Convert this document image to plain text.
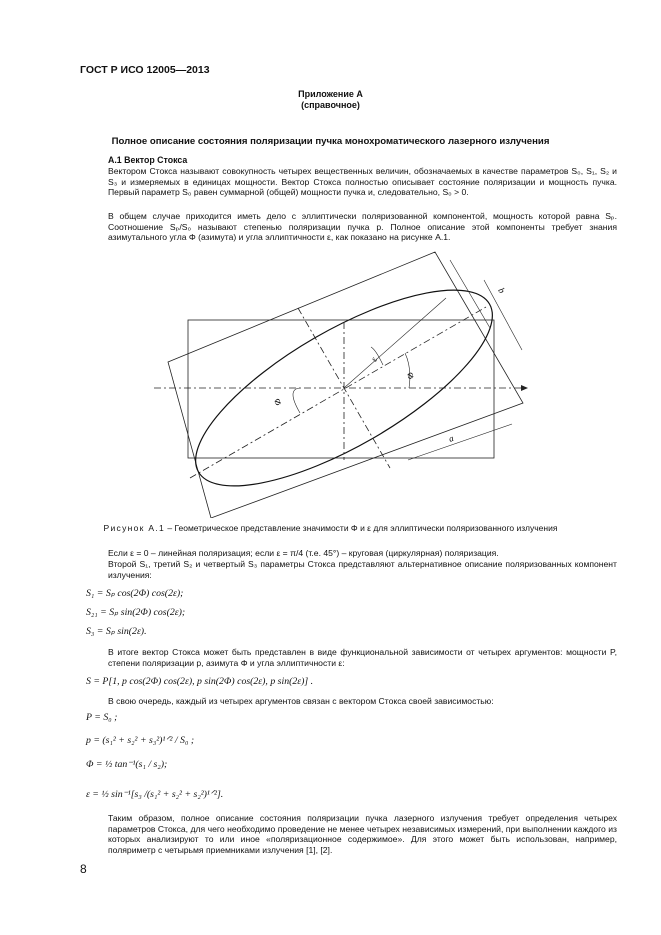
ГОСТ Р ИСО 12005—2013
Приложение А
(справочное)
Полное описание состояния поляризации пучка монохроматического лазерного излучения
А.1 Вектор Стокса
Вектором Стокса называют совокупность четырех вещественных величин, обозначаемых в качестве параметров S₀, S₁, S₂ и S₃ и измеряемых в единицах мощности. Вектор Стокса полностью описывает состояние поляризации и мощность пучка. Первый параметр S₀ равен суммарной (общей) мощности пучка и, следовательно, S₀ > 0.
В общем случае приходится иметь дело с эллиптически поляризованной компонентой, мощность которой равна Sₚ. Соотношение Sₚ/S₀ называют степенью поляризации пучка p. Полное описание этой компоненты требует знания азимутального угла Φ (азимута) и угла эллиптичности ε, как показано на рисунке А.1.
b
a
Φ
Φ
ε
Рисунок А.1 – Геометрическое представление значимости Φ и ε для эллиптически поляризованного излучения
Если ε = 0 – линейная поляризация; если ε = π/4 (т.е. 45°) – круговая (циркулярная) поляризация.
Второй S₁, третий S₂ и четвертый S₃ параметры Стокса представляют альтернативное описание поляризованных компонент излучения:
S₁ = Sₚ cos(2Φ) cos(2ε);
S₂₁ = Sₚ sin(2Φ) cos(2ε);
S₃ = Sₚ sin(2ε).
В итоге вектор Стокса может быть представлен в виде функциональной зависимости от четырех аргументов: мощности P, степени поляризации p, азимута Φ и угла эллиптичности ε:
S = P[1, p cos(2Φ) cos(2ε), p sin(2Φ) cos(2ε), p sin(2ε)] .
В свою очередь, каждый из четырех аргументов связан с вектором Стокса своей зависимостью:
P = S₀ ;
p = (s₁² + s₂² + s₃²)¹ᐟ² / S₀ ;
Φ = ½ tan⁻¹(s₁ / s₂);
ε = ½ sin⁻¹[s₃ /(s₁² + s₂² + s₂²)¹ᐟ²].
Таким образом, полное описание состояния поляризации пучка лазерного излучения требует определения четырех параметров Стокса, для чего необходимо проведение не менее четырех независимых измерений, при выполнении каждого из которых анализируют то или иное «поляризационное содержимое». Для этого может быть использован, например, поляриметр с четырьмя приемниками излучения [1], [2].
8
